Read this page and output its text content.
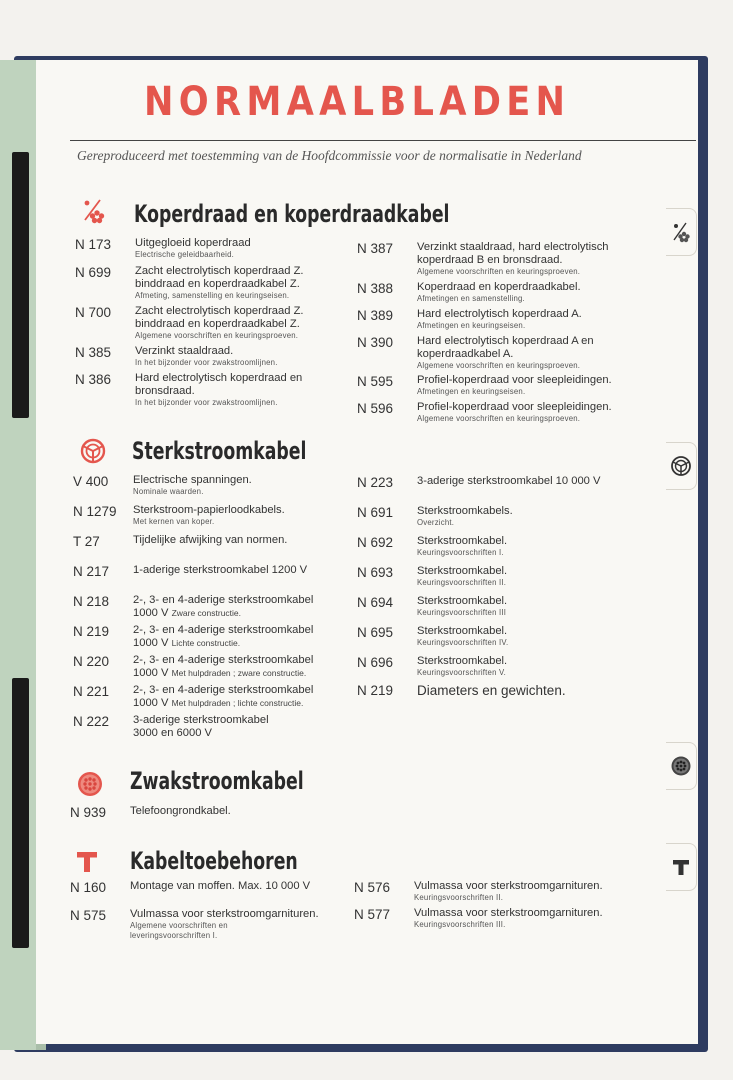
NORMAALBLADEN
Gereproduceerd met toestemming van de Hoofdcommissie voor de normalisatie in Nederland
Koperdraad en koperdraadkabel
N 173 Uitgegloeid koperdraad
Electrische geleidbaarheid.
N 699 Zacht electrolytisch koperdraad Z.
binddraad en koperdraadkabel Z.
Afmeting, samenstelling en keuringseisen.
N 700 Zacht electrolytisch koperdraad Z.
binddraad en koperdraadkabel Z.
Algemene voorschriften en keuringsproeven.
N 385 Verzinkt staaldraad.
In het bijzonder voor zwakstroomlijnen.
N 386 Hard electrolytisch koperdraad en
bronsdraad.
In het bijzonder voor zwakstroomlijnen.
N 387 Verzinkt staaldraad, hard electrolytisch
koperdraad B en bronsdraad.
Algemene voorschriften en keuringsproeven.
N 388 Koperdraad en koperdraadkabel.
Afmetingen en samenstelling.
N 389 Hard electrolytisch koperdraad A.
Afmetingen en keuringseisen.
N 390 Hard electrolytisch koperdraad A en
koperdraadkabel A.
Algemene voorschriften en keuringsproeven.
N 595 Profiel-koperdraad voor sleepleidingen.
Afmetingen en keuringseisen.
N 596 Profiel-koperdraad voor sleepleidingen.
Algemene voorschriften en keuringsproeven.
Sterkstroomkabel
V 400 Electrische spanningen.
Nominale waarden.
N 1279 Sterkstroom-papierloodkabels.
Met kernen van koper.
T 27	Tijdelijke afwijking van normen.
N 217 1-aderige sterkstroomkabel 1200 V
N 218 2-, 3- en 4-aderige sterkstroomkabel
1000 V Zware constructie.
N 219 2-, 3- en 4-aderige sterkstroomkabel
1000 V Lichte constructie.
N 220 2-, 3- en 4-aderige sterkstroomkabel
1000 V Met hulpdraden ; zware constructie.
N 221 2-, 3- en 4-aderige sterkstroomkabel
1000 V Met hulpdraden ; lichte constructie.
N 222 3-aderige sterkstroomkabel
3000 en 6000 V
N 223 3-aderige sterkstroomkabel 10 000 V
N 691 Sterkstroomkabels.
Overzicht.
N 692 Sterkstroomkabel.
Keuringsvoorschriften I.
N 693 Sterkstroomkabel.
Keuringsvoorschriften II.
N 694 Sterkstroomkabel.
Keuringsvoorschriften III
N 695 Sterkstroomkabel.
Keuringsvoorschriften IV.
N 696 Sterkstroomkabel.
Keuringsvoorschriften V.
N 219 Diameters en gewichten.
Zwakstroomkabel
N 939 Telefoongrondkabel.
Kabeltoebehoren
N 160 Montage van moffen. Max. 10 000 V
N 575 Vulmassa voor sterkstroomgarnituren.
Algemene voorschriften en
leveringsvoorschriften I.
N 576 Vulmassa voor sterkstroomgarnituren.
Keuringsvoorschriften II.
N 577 Vulmassa voor sterkstroomgarnituren.
Keuringsvoorschriften III.
